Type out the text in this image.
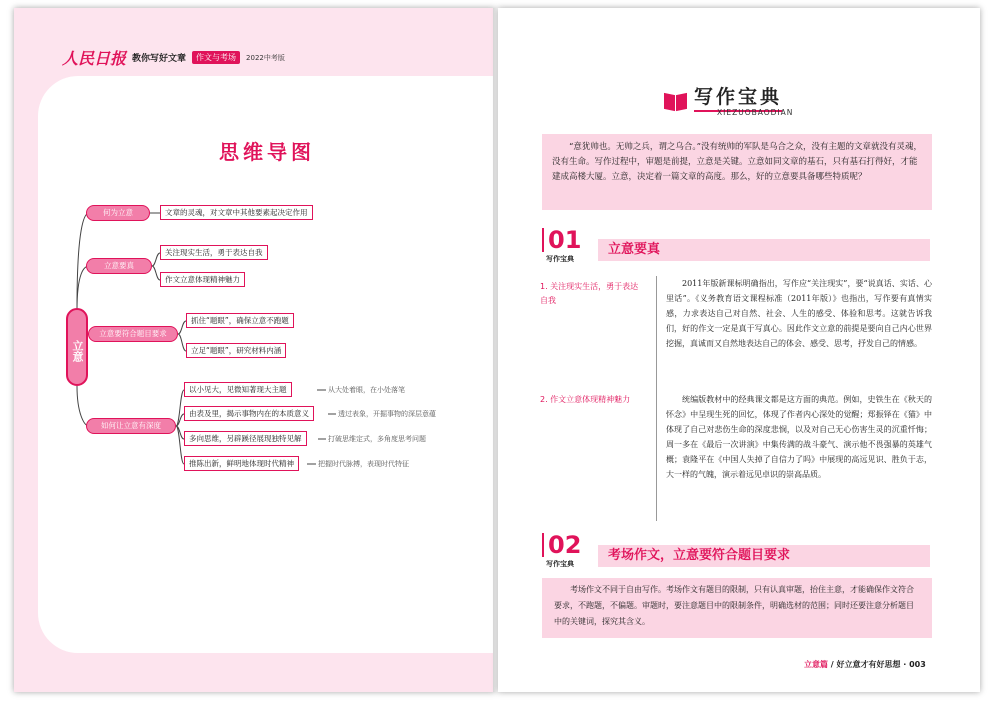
人民日报 教你写好文章	作文与考场	2022中考版
思维导图
立意
何为立意	文章的灵魂，对文章中其他要素起决定作用
立意要真
关注现实生活，勇于表达自我
作文立意体现精神魅力
立意要符合题目要求
抓住“题眼”，确保立意不跑题
立足“题眼”，研究材料内涵
如何让立意有深度
以小见大，见微知著现大主题	从大处着眼，在小处落笔
由表及里，揭示事物内在的本质意义	透过表象，开掘事物的深层意蕴
多向思维，另辟蹊径展现独特见解	打破思维定式，多角度思考问题
推陈出新，鲜明地体现时代精神	把握时代脉搏，表现时代特征
写作宝典
XIEZUOBAODIAN
“意犹帅也。无帅之兵，谓之乌合。”没有统帅的军队是乌合之众，没有主题的文章就没有灵魂，没有生命。写作过程中，审题是前提，立意是关键。立意如同文章的基石，只有基石打得好，才能建成高楼大厦。立意，决定着一篇文章的高度。那么，好的立意要具备哪些特质呢？
01
写作宝典
立意要真
1. 关注现实生活，勇于表达自我
2011年版新课标明确指出，写作应“关注现实”，要“说真话、实话、心里话”。《义务教育语文课程标准（2011年版）》也指出，写作要有真情实感，力求表达自己对自然、社会、人生的感受、体验和思考。这就告诉我们，好的作文一定是真于写真心。因此作文立意的前提是要向自己内心世界挖掘，真诚而又自然地表达自己的体会、感受、思考，抒发自己的情感。
2. 作文立意体现精神魅力	统编版教材中的经典课文都是这方面的典范。例如，史铁生在《秋天的怀念》中呈现生死的回忆，体现了作者内心深处的觉醒；郑振铎在《猫》中体现了自己对悲伤生命的深度悲悯，以及对自己无心伤害生灵的沉重忏悔；周一多在《最后一次讲演》中集传满的战斗豪气、演示他不畏强暴的英雄气概；袁隆平在《中国人失掉了自信力了吗》中展现的高远见识、胜负于志，大一样的气魄，演示着远见卓识的崇高品质。
02
写作宝典
考场作文，立意要符合题目要求
考场作文不同于自由写作。考场作文有题目的限制，只有认真审题，抬住主意，才能确保作文符合要求，不跑题，不偏题。审题时，要注意题目中的限制条件，明确选材的范围；同时还要注意分析题目中的关键词，探究其含义。
立意篇 / 好立意才有好思想 · 003
